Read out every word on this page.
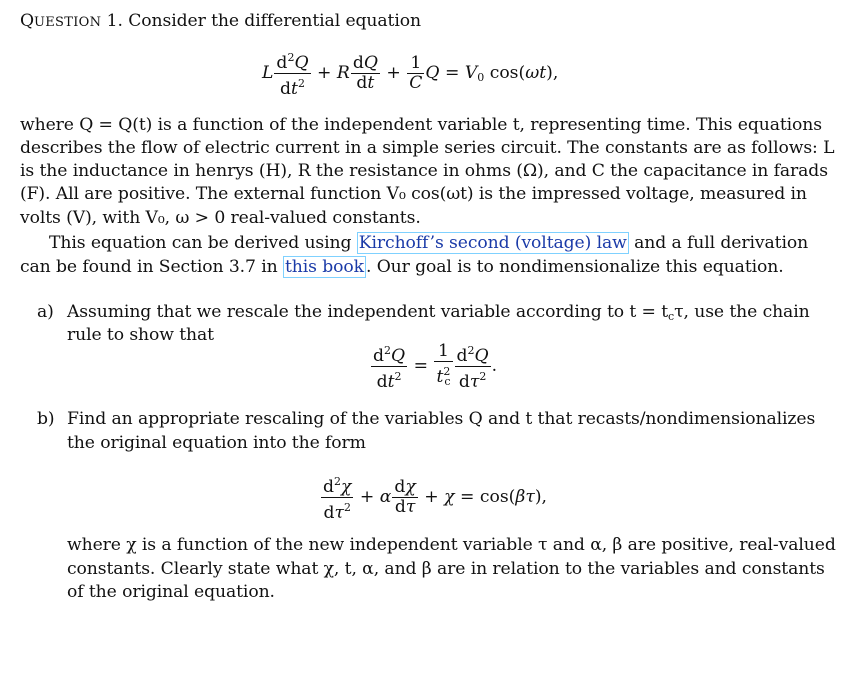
QUESTION 1. Consider the differential equation
L $\frac{d^2Q}{dt^2} + R \frac{dQ}{dt} + \frac{1}{C}$ $Q = V_0$ cos(ωt),
where Q = Q(t) is a function of the independent variable t, representing time. This equations
describes the flow of electric current in a simple series circuit. The constants are as follows: L
is the inductance in henrys (H), R the resistance in ohms (Ω), and C the capacitance in farads
(F). All are positive. The external function V₀ cos(ωt) is the impressed voltage, measured in
volts (V), with V₀, ω > 0 real-valued constants.
This equation can be derived using Kirchoff’s second (voltage) law and a full derivation
can be found in Section 3.7 in this book . Our goal is to nondimensionalize this equation.
a) Assuming that we rescale the independent variable according to $t = t_c\tau$, use the chain
rule to show that
$\frac{d^2Q}{dt^2} = \frac{1}{t^2_c} \frac{d^2Q}{d\tau^2}$ .
b) Find an appropriate rescaling of the variables Q and t that recasts/nondimensionalizes
the original equation into the form
$\frac{d^2\chi}{d\tau^2} + \alpha \frac{d\chi}{d\tau} + \chi = \cos(\beta\tau)$,
where χ is a function of the new independent variable τ and α, β are positive, real-valued
constants. Clearly state what χ, t, α, and β are in relation to the variables and constants
of the original equation.
